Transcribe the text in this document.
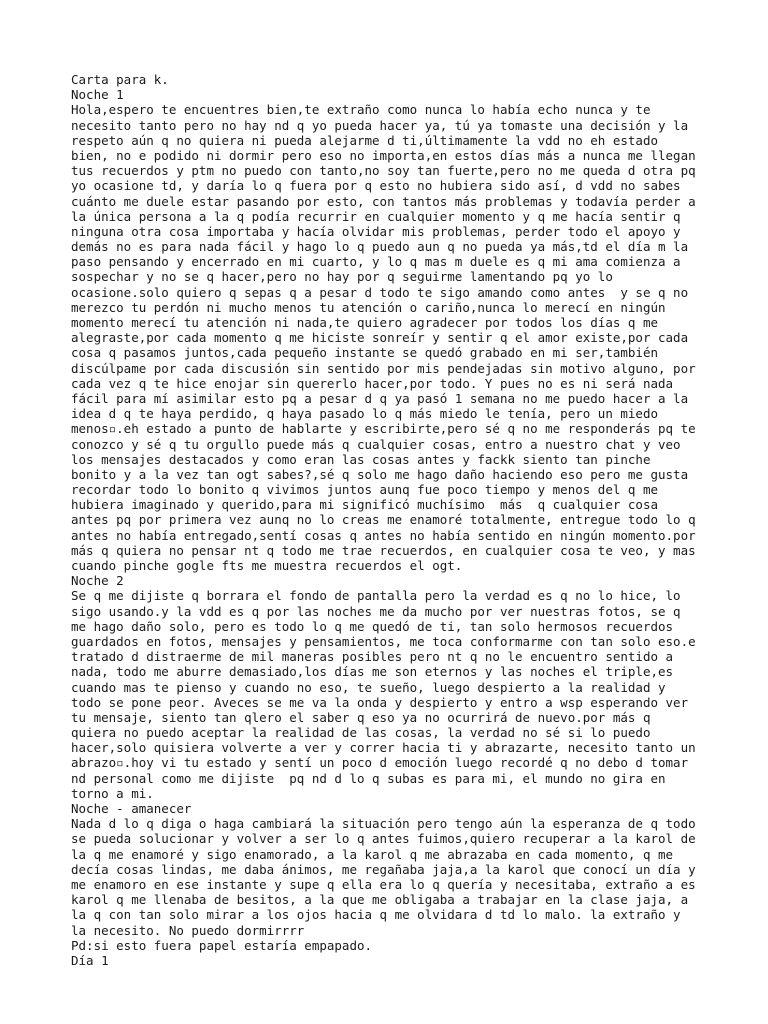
Carta para k.
Noche 1
Hola,espero te encuentres bien,te extraño como nunca lo había echo nunca y te
necesito tanto pero no hay nd q yo pueda hacer ya, tú ya tomaste una decisión y la
respeto aún q no quiera ni pueda alejarme d ti,últimamente la vdd no eh estado
bien, no e podido ni dormir pero eso no importa,en estos días más a nunca me llegan
tus recuerdos y ptm no puedo con tanto,no soy tan fuerte,pero no me queda d otra pq
yo ocasione td, y daría lo q fuera por q esto no hubiera sido así, d vdd no sabes
cuánto me duele estar pasando por esto, con tantos más problemas y todavía perder a
la única persona a la q podía recurrir en cualquier momento y q me hacía sentir q
ninguna otra cosa importaba y hacía olvidar mis problemas, perder todo el apoyo y
demás no es para nada fácil y hago lo q puedo aun q no pueda ya más,td el día m la
paso pensando y encerrado en mi cuarto, y lo q mas m duele es q mi ama comienza a
sospechar y no se q hacer,pero no hay por q seguirme lamentando pq yo lo
ocasione.solo quiero q sepas q a pesar d todo te sigo amando como antes  y se q no
merezco tu perdón ni mucho menos tu atención o cariño,nunca lo merecí en ningún
momento merecí tu atención ni nada,te quiero agradecer por todos los días q me
alegraste,por cada momento q me hiciste sonreír y sentir q el amor existe,por cada
cosa q pasamos juntos,cada pequeño instante se quedó grabado en mi ser,también
discúlpame por cada discusión sin sentido por mis pendejadas sin motivo alguno, por
cada vez q te hice enojar sin quererlo hacer,por todo. Y pues no es ni será nada
fácil para mí asimilar esto pq a pesar d q ya pasó 1 semana no me puedo hacer a la
idea d q te haya perdido, q haya pasado lo q más miedo le tenía, pero un miedo
menos▫.eh estado a punto de hablarte y escribirte,pero sé q no me responderás pq te
conozco y sé q tu orgullo puede más q cualquier cosas, entro a nuestro chat y veo
los mensajes destacados y como eran las cosas antes y fackk siento tan pinche
bonito y a la vez tan ogt sabes?,sé q solo me hago daño haciendo eso pero me gusta
recordar todo lo bonito q vivimos juntos aunq fue poco tiempo y menos del q me
hubiera imaginado y querido,para mi significó muchísimo  más  q cualquier cosa
antes pq por primera vez aunq no lo creas me enamoré totalmente, entregue todo lo q
antes no había entregado,sentí cosas q antes no había sentido en ningún momento.por
más q quiera no pensar nt q todo me trae recuerdos, en cualquier cosa te veo, y mas
cuando pinche gogle fts me muestra recuerdos el ogt.
Noche 2
Se q me dijiste q borrara el fondo de pantalla pero la verdad es q no lo hice, lo
sigo usando.y la vdd es q por las noches me da mucho por ver nuestras fotos, se q
me hago daño solo, pero es todo lo q me quedó de ti, tan solo hermosos recuerdos
guardados en fotos, mensajes y pensamientos, me toca conformarme con tan solo eso.e
tratado d distraerme de mil maneras posibles pero nt q no le encuentro sentido a
nada, todo me aburre demasiado,los días me son eternos y las noches el triple,es
cuando mas te pienso y cuando no eso, te sueño, luego despierto a la realidad y
todo se pone peor. Aveces se me va la onda y despierto y entro a wsp esperando ver
tu mensaje, siento tan qlero el saber q eso ya no ocurrirá de nuevo.por más q
quiera no puedo aceptar la realidad de las cosas, la verdad no sé si lo puedo
hacer,solo quisiera volverte a ver y correr hacia ti y abrazarte, necesito tanto un
abrazo▫.hoy vi tu estado y sentí un poco d emoción luego recordé q no debo d tomar
nd personal como me dijiste  pq nd d lo q subas es para mi, el mundo no gira en
torno a mi.
Noche - amanecer
Nada d lo q diga o haga cambiará la situación pero tengo aún la esperanza de q todo
se pueda solucionar y volver a ser lo q antes fuimos,quiero recuperar a la karol de
la q me enamoré y sigo enamorado, a la karol q me abrazaba en cada momento, q me
decía cosas lindas, me daba ánimos, me regañaba jaja,a la karol que conocí un día y
me enamoro en ese instante y supe q ella era lo q quería y necesitaba, extraño a es
karol q me llenaba de besitos, a la que me obligaba a trabajar en la clase jaja, a
la q con tan solo mirar a los ojos hacia q me olvidara d td lo malo. la extraño y
la necesito. No puedo dormirrrr
Pd:si esto fuera papel estaría empapado.
Día 1
